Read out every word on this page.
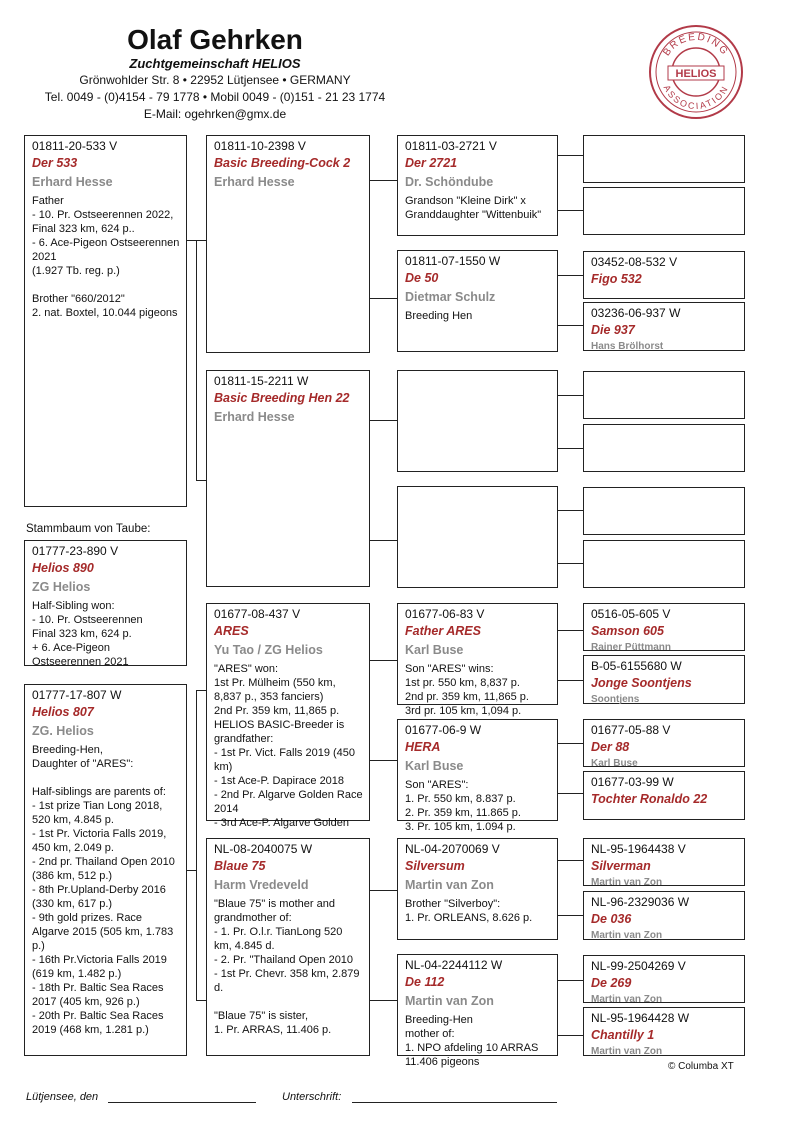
Olaf Gehrken
Zuchtgemeinschaft HELIOS
Grönwohlder Str. 8 • 22952 Lütjensee • GERMANY
Tel. 0049 - (0)4154 - 79 1778 • Mobil 0049 - (0)151 - 21 23 1774
E-Mail: ogehrken@gmx.de
BREEDING
ASSOCIATION
HELIOS
01811-20-533 V
Der 533
Erhard Hesse
Father
- 10. Pr. Ostseerennen 2022,
Final 323 km, 624 p..
- 6. Ace-Pigeon Ostseerennen 2021
(1.927 Tb. reg. p.)

Brother "660/2012"
2. nat. Boxtel, 10.044 pigeons
01811-10-2398 V
Basic Breeding-Cock 2
Erhard Hesse
01811-15-2211 W
Basic Breeding Hen 22
Erhard Hesse
01811-03-2721 V
Der 2721
Dr. Schöndube
Grandson "Kleine Dirk" x Granddaughter "Wittenbuik"
01811-07-1550 W
De 50
Dietmar Schulz
Breeding Hen
03452-08-532 V
Figo 532
03236-06-937 W
Die 937
Hans Brölhorst
Stammbaum von Taube:
01777-23-890 V
Helios 890
ZG Helios
Half-Sibling won:
- 10. Pr. Ostseerennen
Final 323 km, 624 p.
+ 6. Ace-Pigeon
Ostseerennen 2021
01777-17-807 W
Helios 807
ZG. Helios
Breeding-Hen,
Daughter of "ARES":

Half-siblings are parents of:
- 1st prize Tian Long 2018, 520 km, 4.845 p.
- 1st Pr. Victoria Falls 2019, 450 km, 2.049 p.
- 2nd pr. Thailand Open 2010 (386 km, 512 p.)
- 8th Pr.Upland-Derby 2016 (330 km, 617 p.)
- 9th gold prizes. Race Algarve 2015 (505 km, 1.783 p.)
- 16th Pr.Victoria Falls 2019 (619 km, 1.482 p.)
- 18th Pr. Baltic Sea Races 2017 (405 km, 926 p.)
- 20th Pr. Baltic Sea Races 2019 (468 km, 1.281 p.)
01677-08-437 V
ARES
Yu Tao / ZG Helios
"ARES" won:
1st Pr. Mülheim (550 km, 8,837 p., 353 fanciers)
2nd Pr. 359 km, 11,865 p.
HELIOS BASIC-Breeder is grandfather:
- 1st Pr. Vict. Falls 2019 (450 km)
- 1st Ace-P. Dapirace 2018
- 2nd Pr. Algarve Golden Race 2014
- 3rd Ace-P. Algarve Golden
NL-08-2040075 W
Blaue 75
Harm Vredeveld
"Blaue 75" is mother and grandmother of:
- 1. Pr. O.l.r. TianLong 520 km, 4.845 d.
- 2. Pr. "Thailand Open 2010
- 1st Pr. Chevr. 358 km, 2.879 d.

"Blaue 75" is sister,
1. Pr. ARRAS, 11.406 p.
01677-06-83 V
Father ARES
Karl Buse
Son "ARES" wins:
1st pr. 550 km, 8,837 p.
2nd pr. 359 km, 11,865 p.
3rd pr. 105 km, 1,094 p.
01677-06-9 W
HERA
Karl Buse
Son "ARES":
1. Pr. 550 km, 8.837 p.
2. Pr. 359 km, 11.865 p.
3. Pr. 105 km, 1.094 p.
NL-04-2070069 V
Silversum
Martin van Zon
Brother "Silverboy":
1. Pr. ORLEANS, 8.626 p.
NL-04-2244112 W
De 112
Martin van Zon
Breeding-Hen
mother of:
1. NPO afdeling 10 ARRAS
11.406 pigeons
0516-05-605 V
Samson 605
Rainer Püttmann
B-05-6155680 W
Jonge Soontjens
Soontjens
01677-05-88 V
Der 88
Karl Buse
01677-03-99 W
Tochter Ronaldo 22
NL-95-1964438 V
Silverman
Martin van Zon
NL-96-2329036 W
De 036
Martin van Zon
NL-99-2504269 V
De 269
Martin van Zon
NL-95-1964428 W
Chantilly 1
Martin van Zon
© Columba XT
Lütjensee, den	Unterschrift:
